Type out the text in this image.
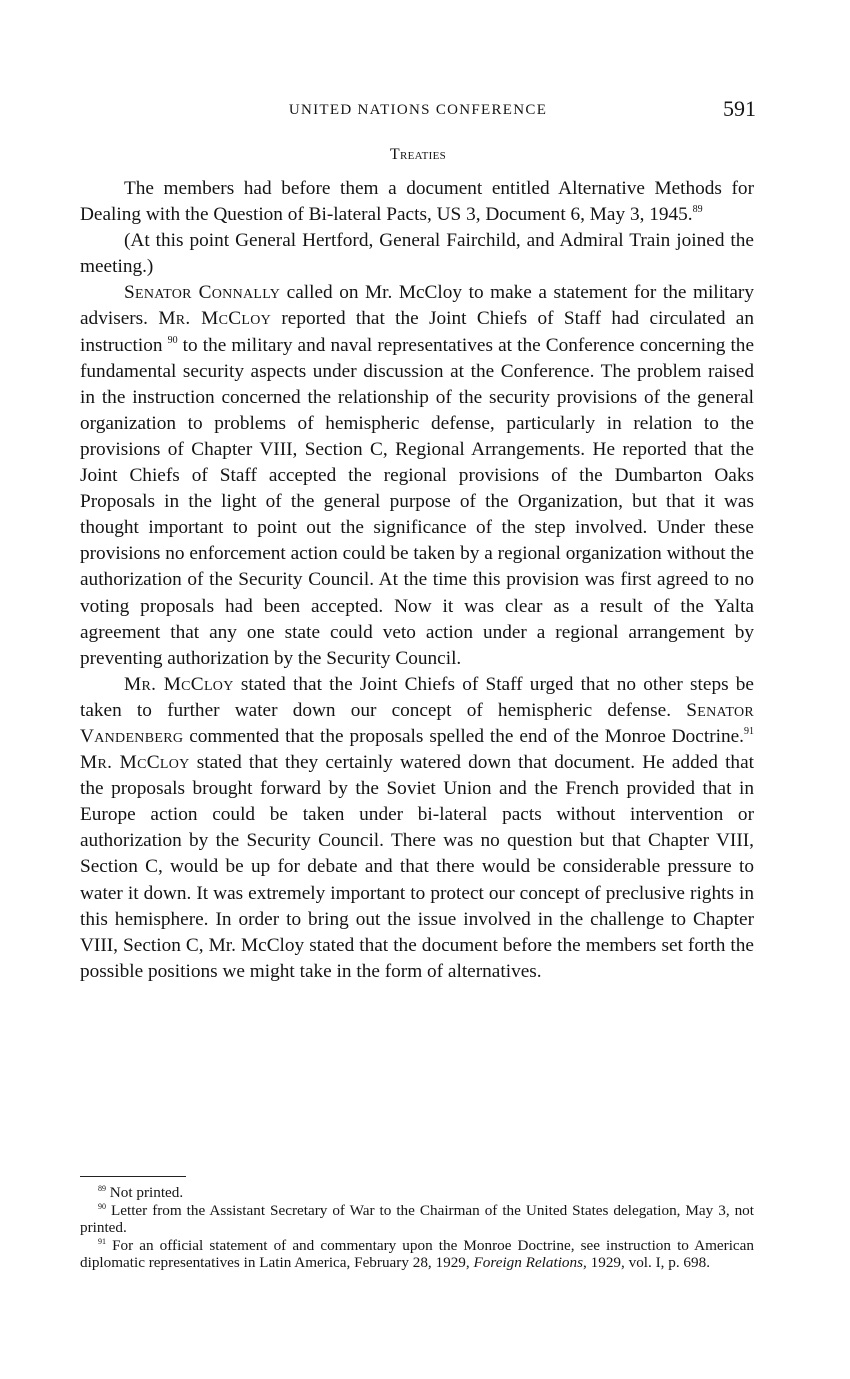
UNITED NATIONS CONFERENCE	591
Treaties

The members had before them a document entitled Alternative Methods for Dealing with the Question of Bi-lateral Pacts, US 3, Document 6, May 3, 1945.89

(At this point General Hertford, General Fairchild, and Admiral Train joined the meeting.)

Senator Connally called on Mr. McCloy to make a statement for the military advisers. Mr. McCloy reported that the Joint Chiefs of Staff had circulated an instruction $^{90}$ to the military and naval representatives at the Conference concerning the fundamental security aspects under discussion at the Conference. The problem raised in the instruction concerned the relationship of the security provisions of the general organization to problems of hemispheric defense, particularly in relation to the provisions of Chapter VIII, Section C, Regional Arrangements. He reported that the Joint Chiefs of Staff accepted the regional provisions of the Dumbarton Oaks Proposals in the light of the general purpose of the Organization, but that it was thought important to point out the significance of the step involved. Under these provisions no enforcement action could be taken by a regional organization without the authorization of the Security Council. At the time this provision was first agreed to no voting proposals had been accepted. Now it was clear as a result of the Yalta agreement that any one state could veto action under a regional arrangement by preventing authorization by the Security Council.

Mr. McCloy stated that the Joint Chiefs of Staff urged that no other steps be taken to further water down our concept of hemispheric defense. Senator Vandenberg commented that the proposals spelled the end of the Monroe Doctrine.$^{91}$ Mr. McCloy stated that they certainly watered down that document. He added that the proposals brought forward by the Soviet Union and the French provided that in Europe action could be taken under bi-lateral pacts without intervention or authorization by the Security Council. There was no question but that Chapter VIII, Section C, would be up for debate and that there would be considerable pressure to water it down. It was extremely important to protect our concept of preclusive rights in this hemisphere. In order to bring out the issue involved in the challenge to Chapter VIII, Section C, Mr. McCloy stated that the document before the members set forth the possible positions we might take in the form of alternatives.

$^{89}$ Not printed.

$^{90}$ Letter from the Assistant Secretary of War to the Chairman of the United States delegation, May 3, not printed.

$^{91}$ For an official statement of and commentary upon the Monroe Doctrine, see instruction to American diplomatic representatives in Latin America, February 28, 1929, Foreign Relations, 1929, vol. I, p. 698.
